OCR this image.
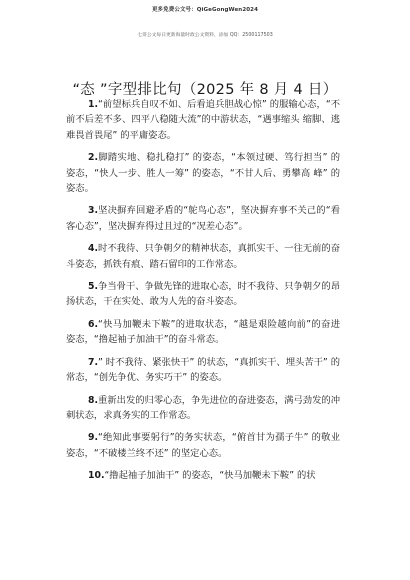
更多免费公文号：QiGeGongWen2024
七哥公文每日更新海量时政公文资料，添加 QQ：2500117503
“态 ”字型排比句（2025 年 8 月 4 日）

1.“前望标兵自叹不如、后看追兵胆战心惊” 的服输心态，“不前不后差不多、四平八稳随大流”的中游状态，“遇事缩头 缩脚、逃难畏首畏尾” 的平庸姿态。

2.脚踏实地、稳扎稳打” 的姿态，“本领过硬、笃行担当” 的姿态，“快人一步、胜人一筹” 的姿态，“不甘人后、勇攀高 峰” 的姿态。

3.坚决摒弃回避矛盾的“鸵鸟心态”，坚决摒弃事不关己的“看客心态”，坚决摒弃得过且过的“况差心态”。

4.时不我待、只争朝夕的精神状态，真抓实干、一往无前的奋斗姿态，抓铁有痕、踏石留印的工作常态。

5.争当骨干、争做先锋的进取心态，时不我待、只争朝夕的昂扬状态，干在实处、敢为人先的奋斗姿态。

6.“快马加鞭未下鞍”的进取状态，“越是艰险越向前”的奋进姿态，“撸起袖子加油干”的奋斗常态。

7.” 时不我待、紧张快干” 的状态，“真抓实干、埋头苦干” 的常态，“创先争优、务实巧干” 的姿态。

8.重新出发的归零心态，争先进位的奋进姿态，满弓劲发的冲刺状态，求真务实的工作常态。

9.“绝知此事要躬行”的务实状态，“俯首甘为孺子牛” 的敬业姿态，“不破楼兰终不还” 的坚定心态。

10.“撸起袖子加油干” 的姿态，“快马加鞭未下鞍” 的状
